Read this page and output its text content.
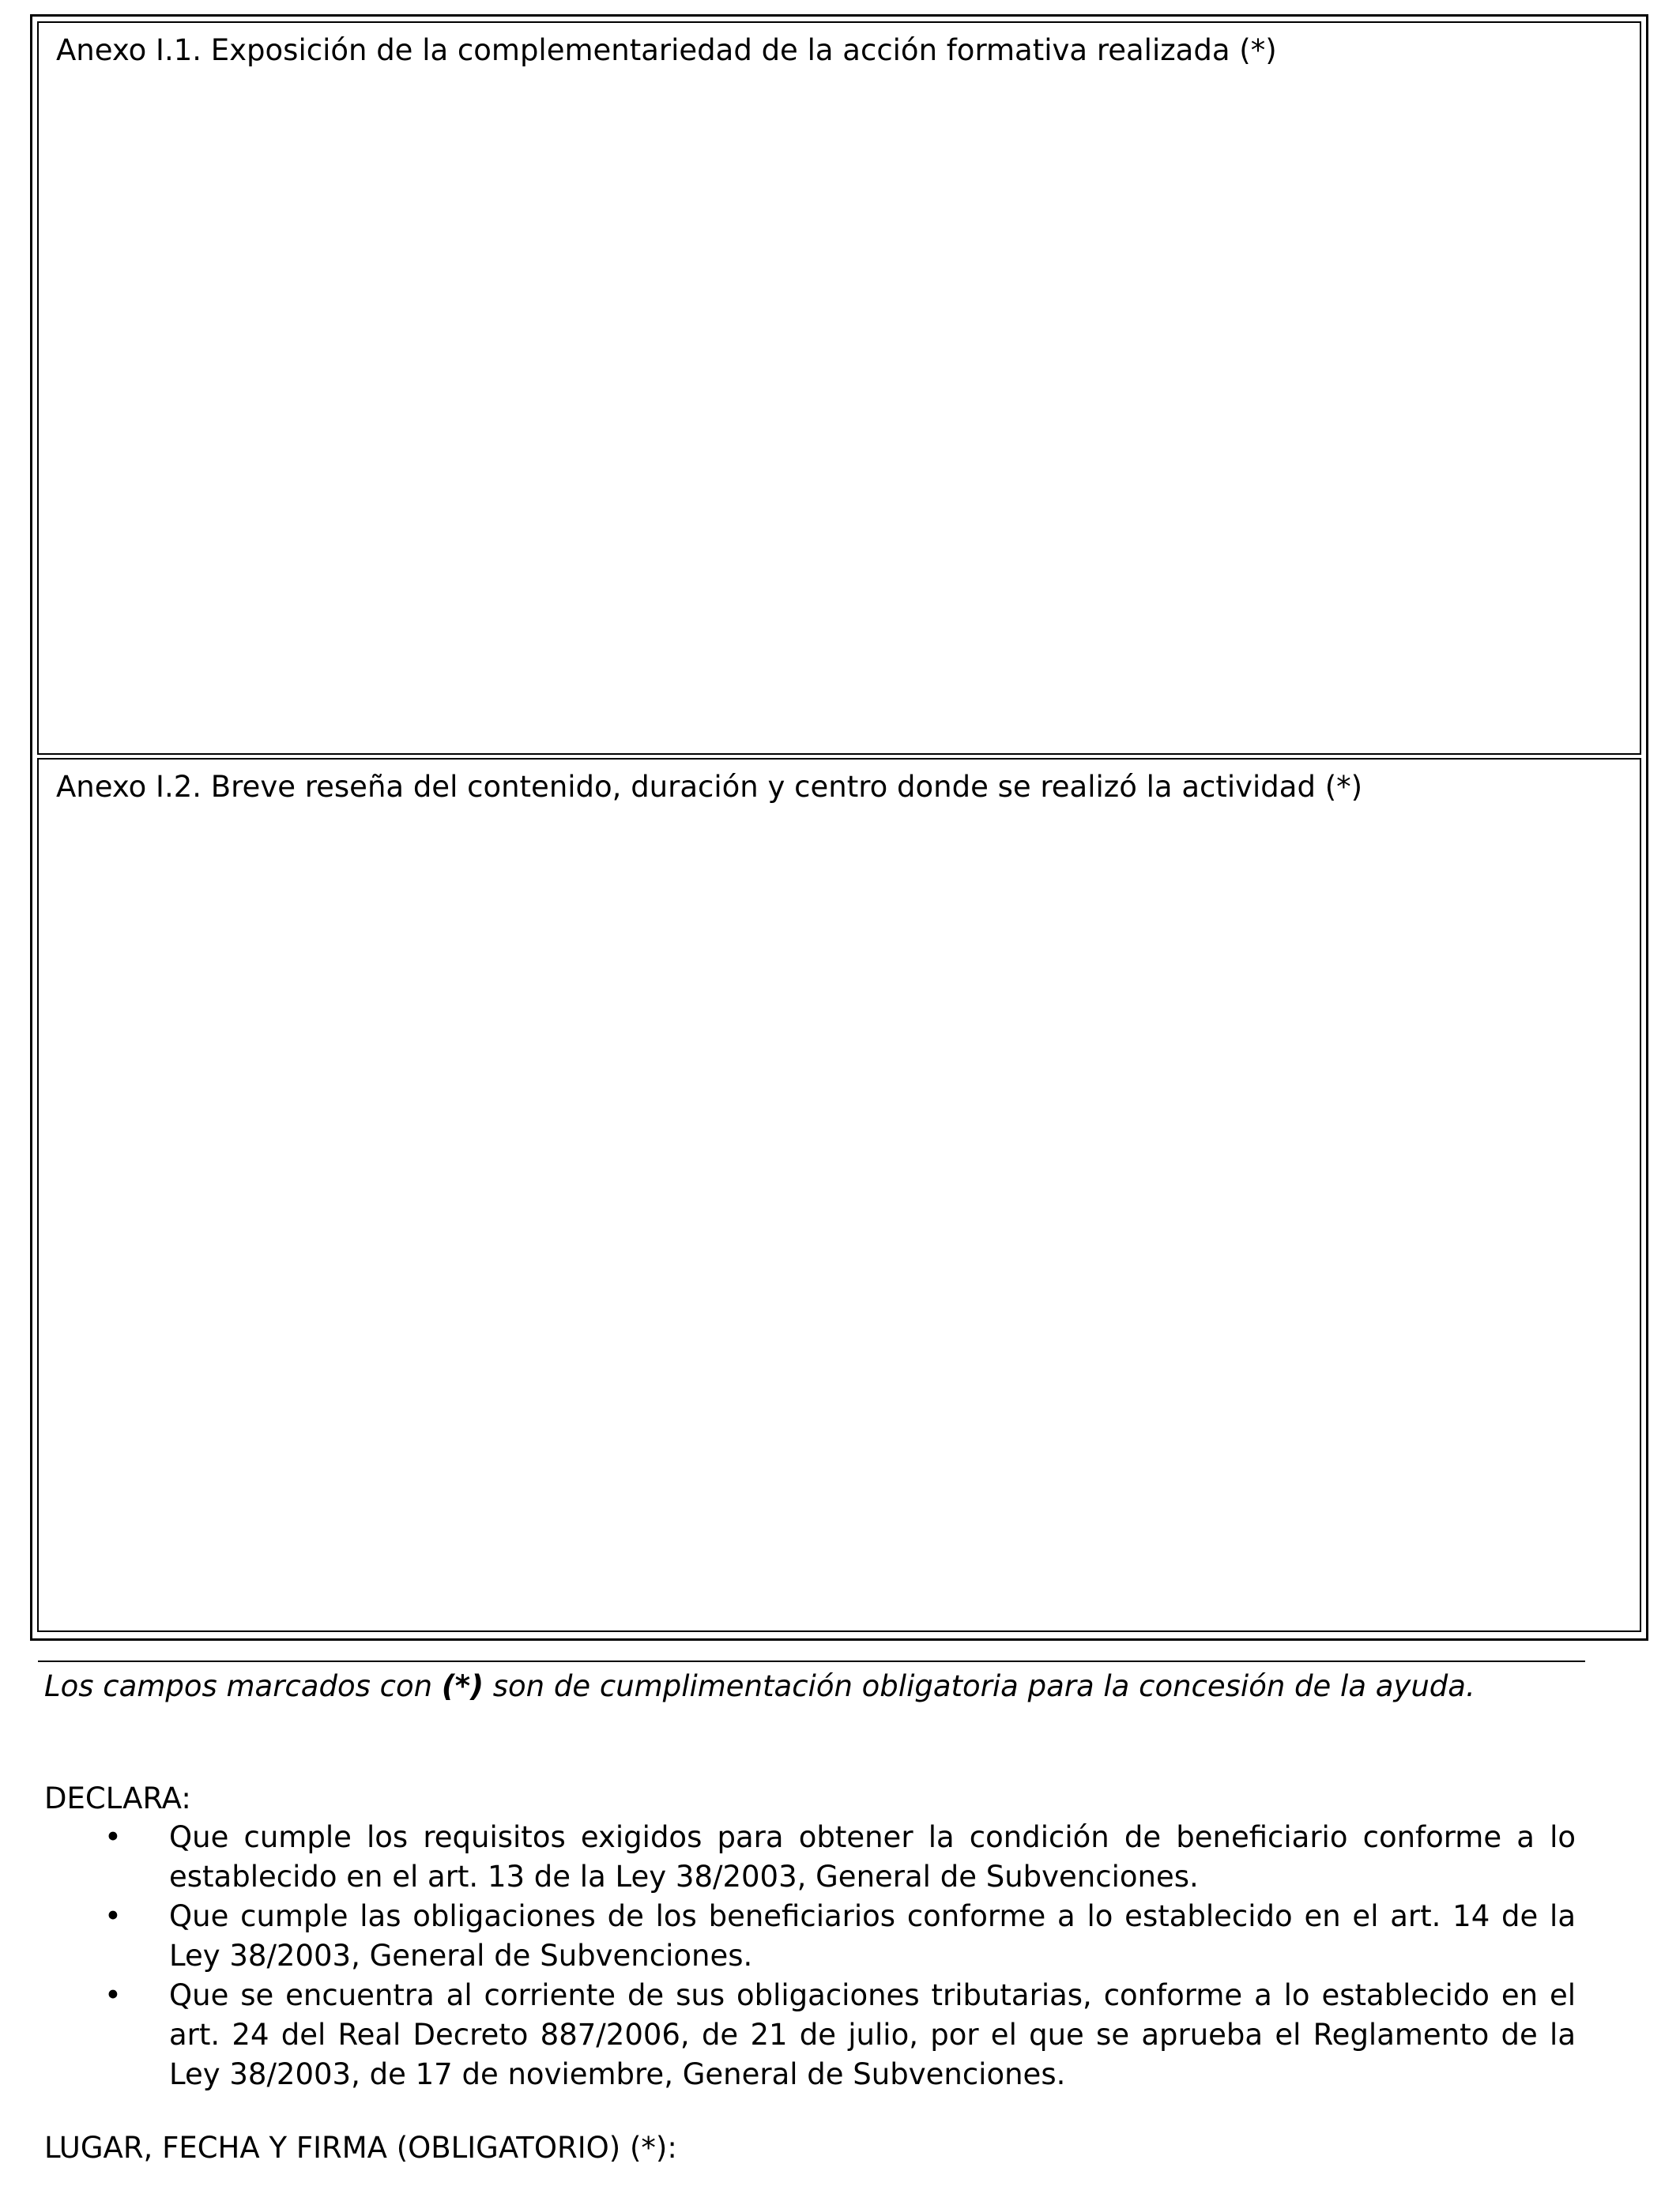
Anexo I.1. Exposición de la complementariedad de la acción formativa realizada (*)
Anexo I.2. Breve reseña del contenido, duración y centro donde se realizó la actividad (*)
Los campos marcados con (*) son de cumplimentación obligatoria para la concesión de la ayuda.
DECLARA:
• Que cumple los requisitos exigidos para obtener la condición de beneficiario conforme a lo establecido en el art. 13 de la Ley 38/2003, General de Subvenciones.
• Que cumple las obligaciones de los beneficiarios conforme a lo establecido en el art. 14 de la Ley 38/2003, General de Subvenciones.
• Que se encuentra al corriente de sus obligaciones tributarias, conforme a lo establecido en el art. 24 del Real Decreto 887/2006, de 21 de julio, por el que se aprueba el Reglamento de la Ley 38/2003, de 17 de noviembre, General de Subvenciones.
LUGAR, FECHA Y FIRMA (OBLIGATORIO) (*):
